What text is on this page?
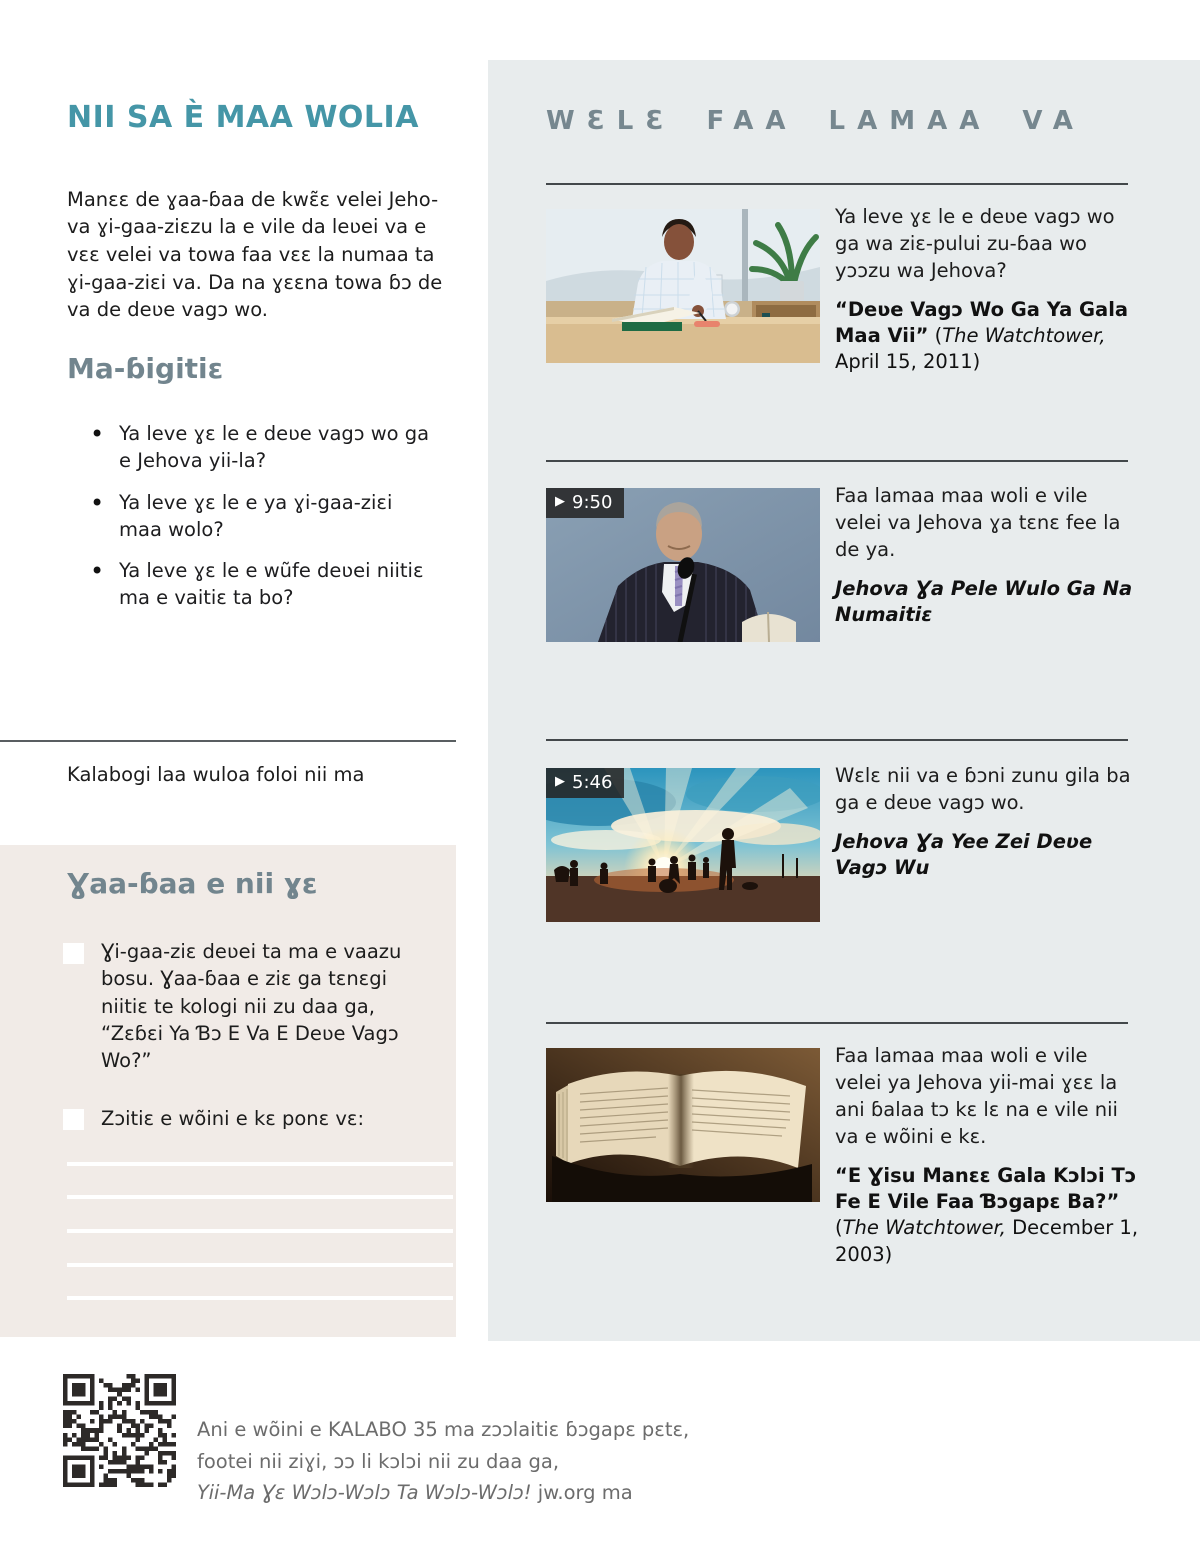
NII SA È MAA WOLIA

Manɛɛ de ɣaa-ɓaa de kwɛ̃ɛ velei Jeho-va ɣi-gaa-ziɛzu la e vile da leʋei va e vɛɛ velei va towa faa vɛɛ la numaa ta ɣi-gaa-ziɛi va. Da na ɣɛɛna towa ɓɔ de va de deʋe vagɔ wo.

Ma-ɓigitiɛ
• Ya leve ɣɛ le e deʋe vagɔ wo ga e Jehova yii-la?
• Ya leve ɣɛ le e ya ɣi-gaa-ziɛi maa wolo?
• Ya leve ɣɛ le e wũfe deʋei niitiɛ ma e vaitiɛ ta bo?
Kalabogi laa wuloa foloi nii ma
Ɣaa-ɓaa e nii ɣɛ
Ɣi-gaa-ziɛ deʋei ta ma e vaazu bosu. Ɣaa-ɓaa e ziɛ ga tɛnɛgi niitiɛ te kologi nii zu daa ga, “Zɛɓɛi Ya Ɓɔ E Va E Deʋe Vagɔ Wo?”
Zɔitiɛ e wõini e kɛ ponɛ vɛ:
WƐLƐ FAA LAMAA VA

Ya leve ɣɛ le e deʋe vagɔ wo ga wa ziɛ-pului zu-ɓaa wo yɔɔzu wa Jehova?

“Deʋe Vagɔ Wo Ga Ya Gala Maa Vii” (The Watchtower, April 15, 2011)

▶ 9:50	Faa lamaa maa woli e vile velei va Jehova ɣa tɛnɛ fee la de ya.

Jehova Ɣa Pele Wulo Ga Na Numaitiɛ

▶ 5:46	Wɛlɛ nii va e ɓɔni zunu gila ba ga e deʋe vagɔ wo.

Jehova Ɣa Yee Zei Deʋe Vagɔ Wu

Faa lamaa maa woli e vile velei ya Jehova yii-mai ɣɛɛ la ani ɓalaa tɔ kɛ lɛ na e vile nii va e wõini e kɛ.

“E Ɣisu Manɛɛ Gala Kɔlɔi Tɔ Fe E Vile Faa Ɓɔgapɛ Ba?” (The Watchtower, December 1, 2003)

Ani e wõini e KALABO 35 ma zɔɔlaitiɛ ɓɔgapɛ pɛtɛ,
footei nii ziɣi, ɔɔ li kɔlɔi nii zu daa ga,
Yii-Ma Ɣɛ Wɔlɔ-Wɔlɔ Ta Wɔlɔ-Wɔlɔ! jw.org ma
